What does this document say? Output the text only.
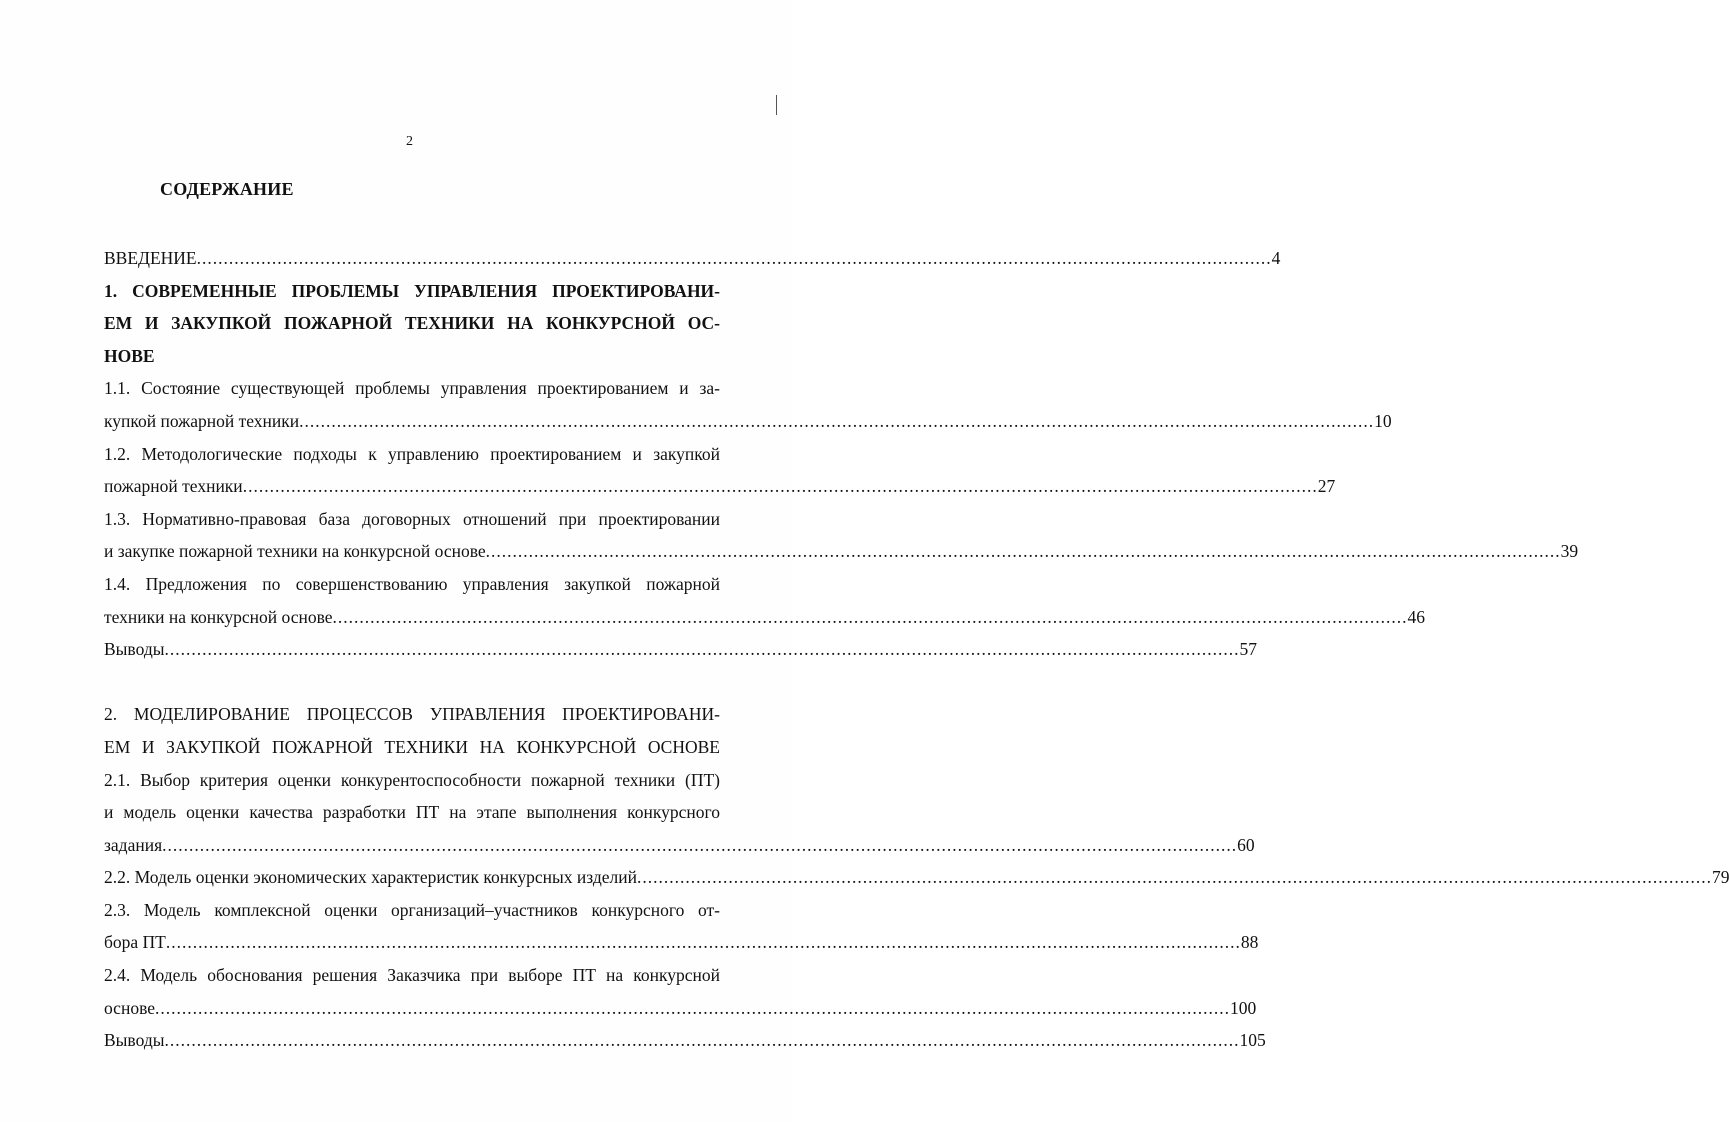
2
СОДЕРЖАНИЕ
ВВЕДЕНИЕ ........................................................................................................................................................................................................ 4
1. СОВРЕМЕННЫЕ ПРОБЛЕМЫ УПРАВЛЕНИЯ ПРОЕКТИРОВАНИ-
ЕМ И ЗАКУПКОЙ ПОЖАРНОЙ ТЕХНИКИ НА КОНКУРСНОЙ ОС-
НОВЕ
1.1. Состояние существующей проблемы управления проектированием и за-
купкой пожарной техники ........................................................................................................................................................................................................ 10
1.2. Методологические подходы к управлению проектированием и закупкой
пожарной техники ........................................................................................................................................................................................................ 27
1.3. Нормативно-правовая база договорных отношений при проектировании
и закупке пожарной техники на конкурсной основе ........................................................................................................................................................................................................ 39
1.4. Предложения по совершенствованию управления закупкой пожарной
техники на конкурсной основе ........................................................................................................................................................................................................ 46
Выводы ........................................................................................................................................................................................................ 57
2. МОДЕЛИРОВАНИЕ ПРОЦЕССОВ УПРАВЛЕНИЯ ПРОЕКТИРОВАНИ-
ЕМ И ЗАКУПКОЙ ПОЖАРНОЙ ТЕХНИКИ НА КОНКУРСНОЙ ОСНОВЕ
2.1. Выбор критерия оценки конкурентоспособности пожарной техники (ПТ)
и модель оценки качества разработки ПТ на этапе выполнения конкурсного
задания ........................................................................................................................................................................................................ 60
2.2. Модель оценки экономических характеристик конкурсных изделий ........................................................................................................................................................................................................ 79
2.3. Модель комплексной оценки организаций–участников конкурсного от-
бора ПТ ........................................................................................................................................................................................................ 88
2.4. Модель обоснования решения Заказчика при выборе ПТ на конкурсной
основе ........................................................................................................................................................................................................ 100
Выводы ........................................................................................................................................................................................................ 105
